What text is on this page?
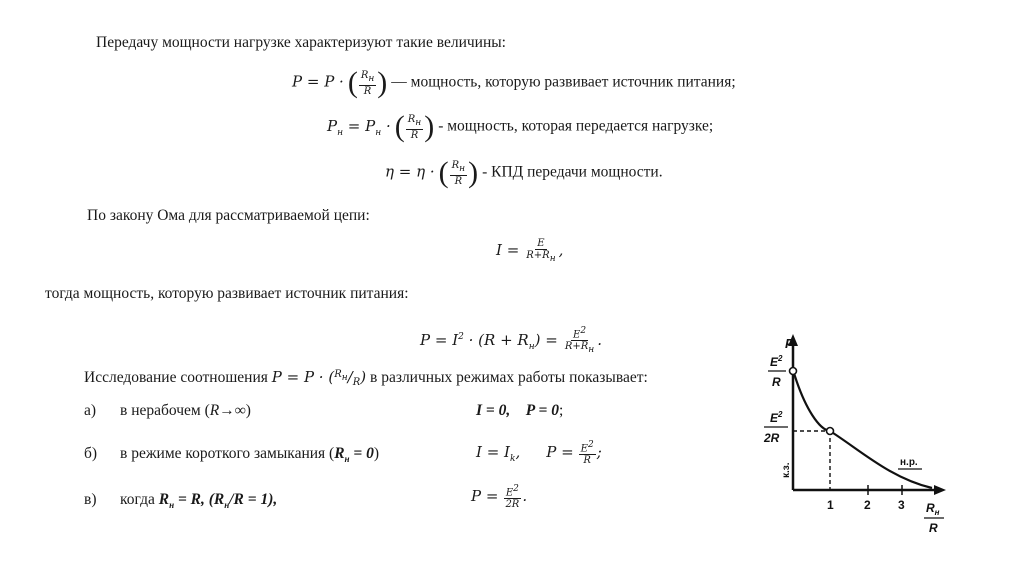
Передачу мощности нагрузке характеризуют такие величины:
P = P · ( $\frac{R_н}{R}$ ) — мощность, которую развивает источник питания;
$P_н = P_н$ · ( $\frac{R_н}{R}$ ) - мощность, которая передается нагрузке;
η = η · ( $\frac{R_н}{R}$ ) - КПД передачи мощности.
По закону Ома для рассматриваемой цепи:
$I = \frac{E}{R+R_н}$ ,
тогда мощность, которую развивает источник питания:
$P = I^2 \cdot (R + R_н) = \frac{E^2}{R+R_н}$ .
Исследование соотношения P = P · ($^{R_н}$/R) в различных режимах работы показывает:
а) в нерабочем (R→∞)	I = 0,    P = 0;
б) в режиме короткого замыкания $(R_н = 0)$	$I = I_k$, $P = \frac{E^2}{R}$ ;
в) когда $R_н = R$, $(R_н/R = 1)$,	$P = \frac{E^2}{2R}$ .
P
$E^2$
R
$E^2$
2R
к.з.	н.р.
1	2 3 $R_н$
R
